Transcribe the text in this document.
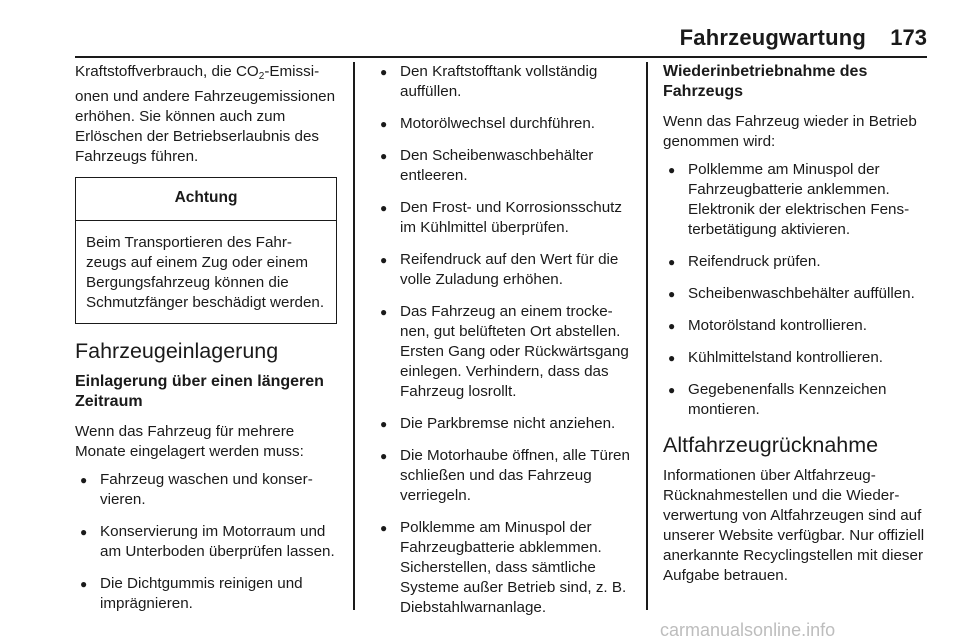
Fahrzeugwartung 173

Kraftstoffverbrauch, die $CO_2$-Emissionen und andere Fahrzeugemissionen erhöhen. Sie können auch zum Erlöschen der Betriebserlaubnis des Fahrzeugs führen.

Achtung
Beim Transportieren des Fahrzeugs auf einem Zug oder einem Bergungsfahrzeug können die Schmutzfänger beschädigt werden.
Fahrzeugeinlagerung
Einlagerung über einen längeren Zeitraum

Wenn das Fahrzeug für mehrere Monate eingelagert werden muss:

● Fahrzeug waschen und konservieren.
● Konservierung im Motorraum und am Unterboden überprüfen lassen.
● Die Dichtgummis reinigen und imprägnieren.
● Den Kraftstofftank vollständig auffüllen.
● Motorölwechsel durchführen.
● Den Scheibenwaschbehälter entleeren.
● Den Frost- und Korrosionsschutz im Kühlmittel überprüfen.
● Reifendruck auf den Wert für die volle Zuladung erhöhen.
● Das Fahrzeug an einem trockenen, gut belüfteten Ort abstellen. Ersten Gang oder Rückwärtsgang einlegen. Verhindern, dass das Fahrzeug losrollt.
● Die Parkbremse nicht anziehen.
● Die Motorhaube öffnen, alle Türen schließen und das Fahrzeug verriegeln.
● Polklemme am Minuspol der Fahrzeugbatterie abklemmen. Sicherstellen, dass sämtliche Systeme außer Betrieb sind, z. B. Diebstahlwarnanlage.
Wiederinbetriebnahme des Fahrzeugs

Wenn das Fahrzeug wieder in Betrieb genommen wird:

● Polklemme am Minuspol der Fahrzeugbatterie anklemmen. Elektronik der elektrischen Fensterbetätigung aktivieren.
● Reifendruck prüfen.
● Scheibenwaschbehälter auffüllen.
● Motorölstand kontrollieren.
● Kühlmittelstand kontrollieren.
● Gegebenenfalls Kennzeichen montieren.
Altfahrzeugrücknahme

Informationen über Altfahrzeug-Rücknahmestellen und die Wiederverwertung von Altfahrzeugen sind auf unserer Website verfügbar. Nur offiziell anerkannte Recyclingstellen mit dieser Aufgabe betrauen.

carmanualsonline.info
